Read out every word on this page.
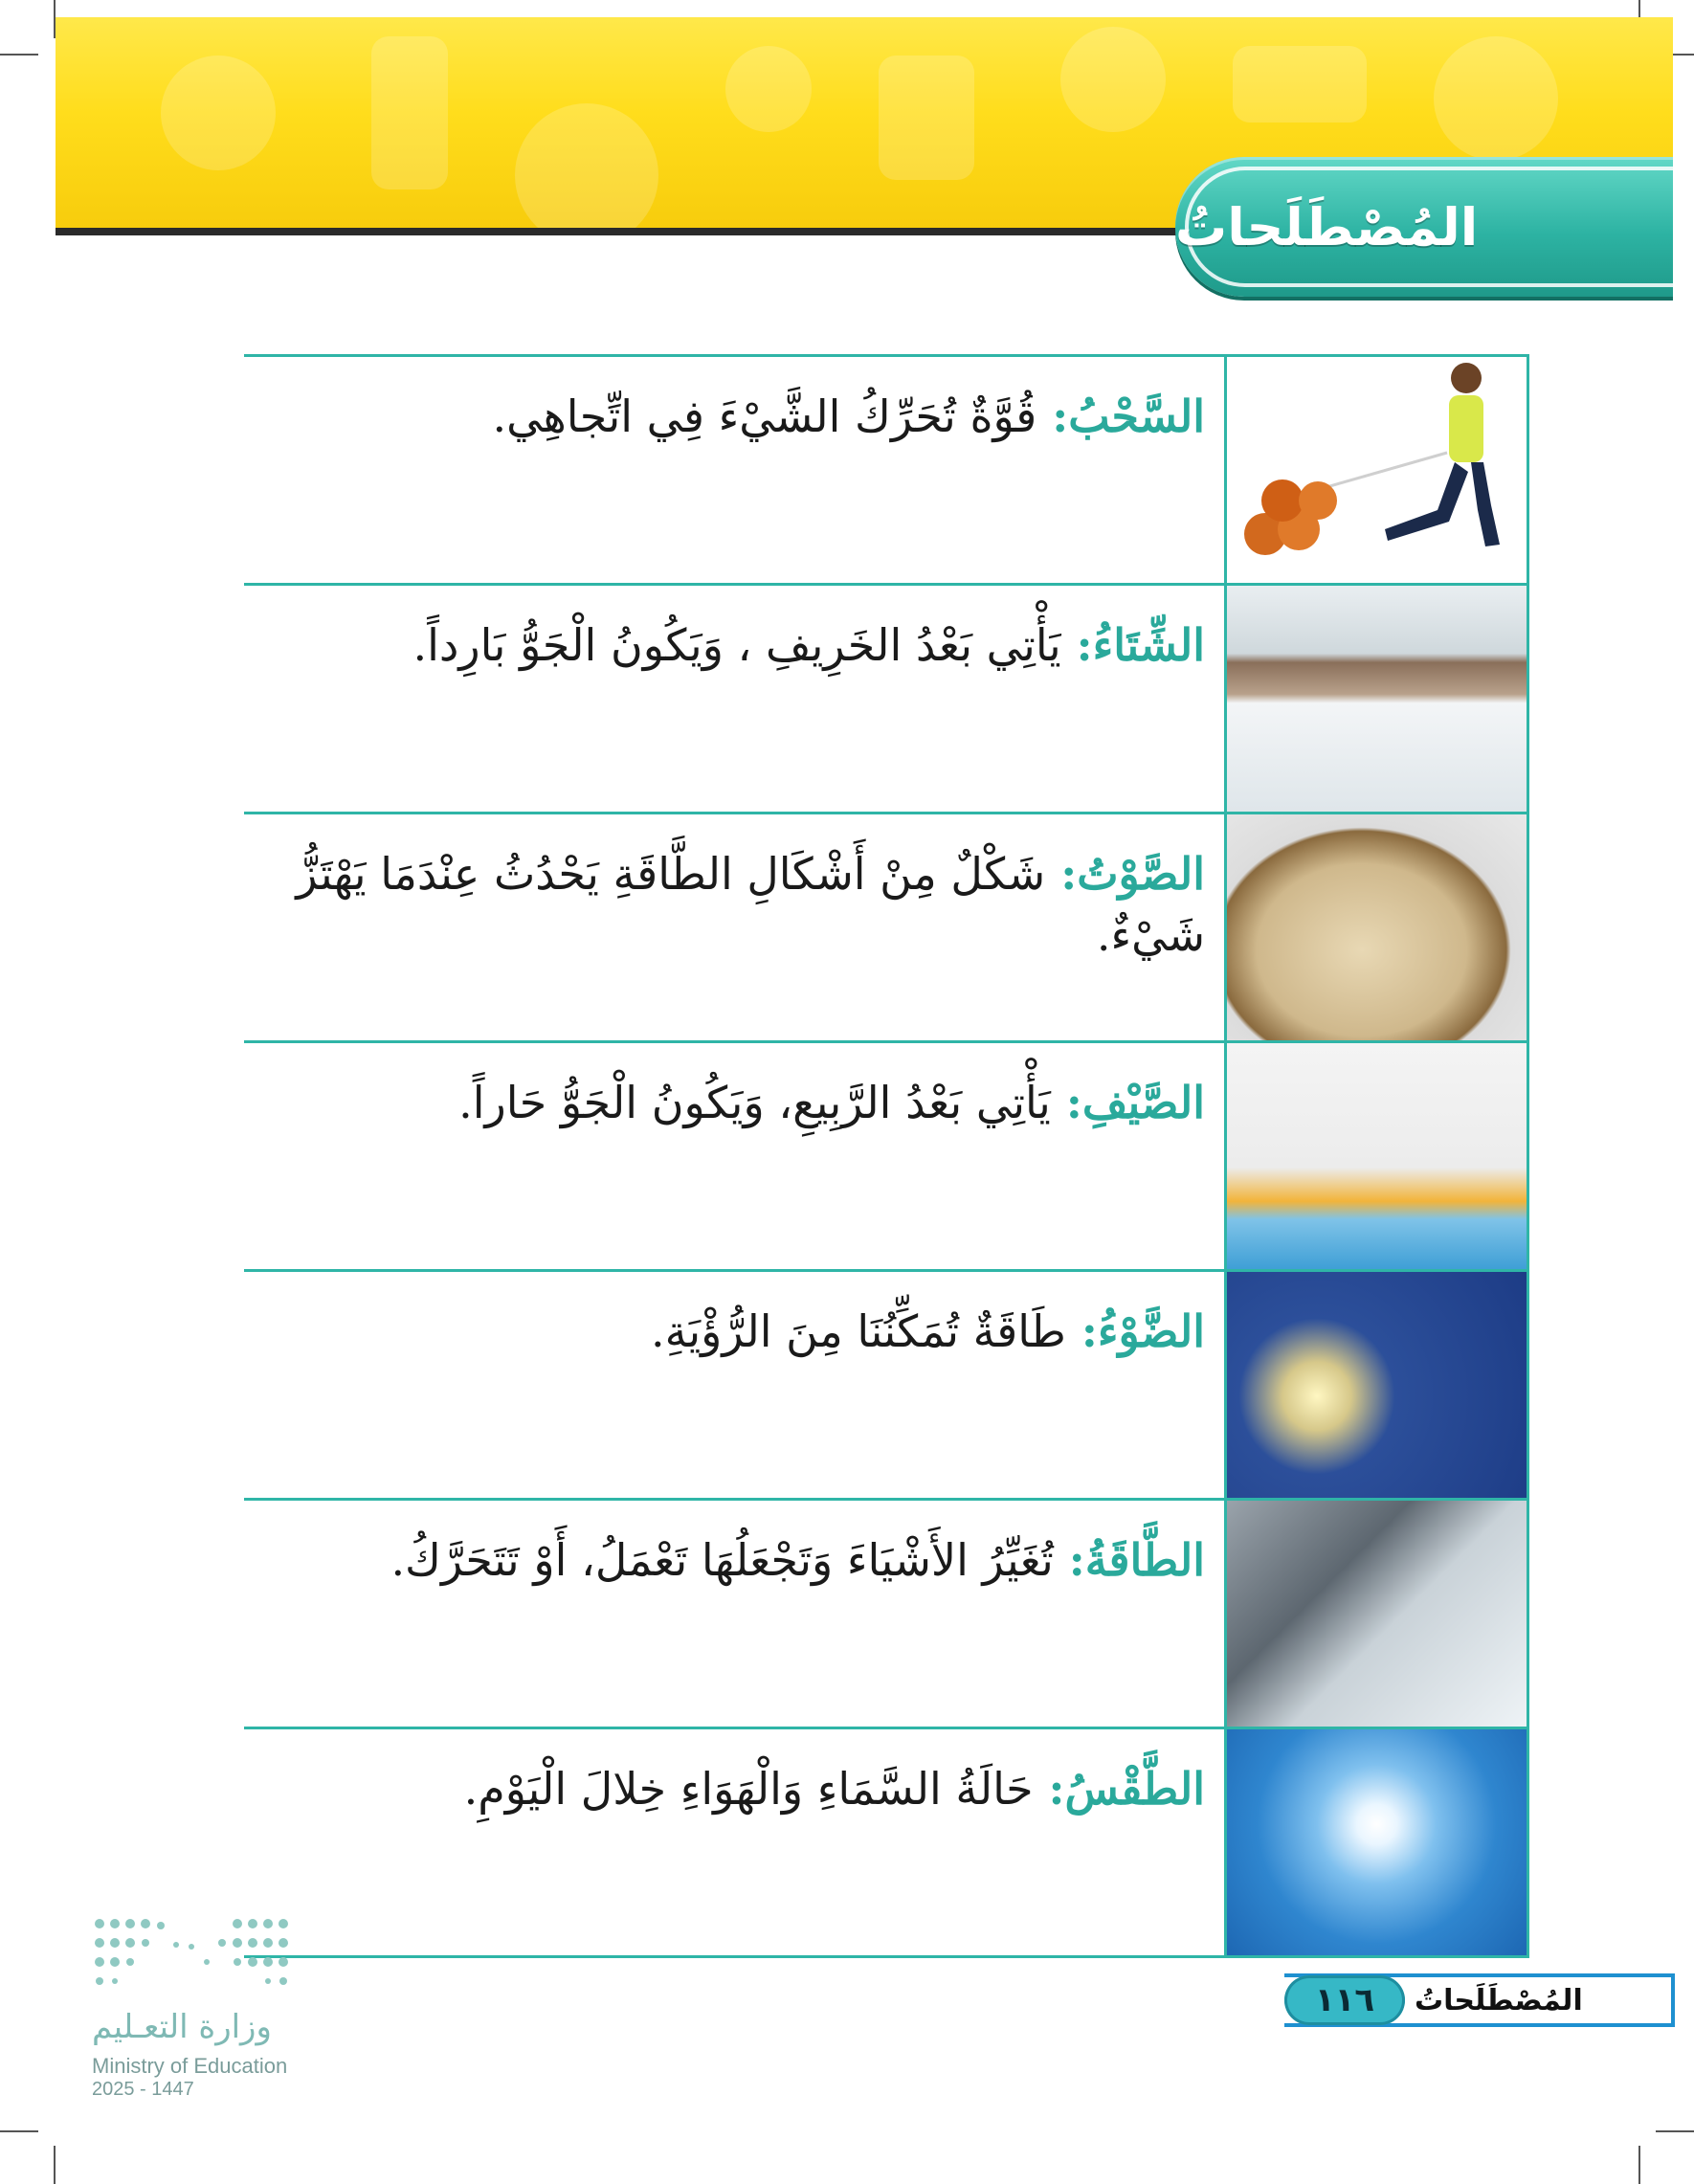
المُصْطَلَحاتُ
السَّحْبُ: قُوَّةٌ تُحَرِّكُ الشَّيْءَ فِي اتِّجاهِي.
الشِّتَاءُ: يَأْتِي بَعْدُ الخَرِيفِ ، وَيَكُونُ الْجَوُّ بَارِداً.
الصَّوْتُ: شَكْلٌ مِنْ أَشْكَالِ الطَّاقَةِ يَحْدُثُ عِنْدَمَا يَهْتَزُّ شَيْءٌ.
الصَّيْفِ: يَأْتِي بَعْدُ الرَّبِيعِ، وَيَكُونُ الْجَوُّ حَاراً.
الضَّوْءُ: طَاقَةٌ تُمَكِّنُنَا مِنَ الرُّؤْيَةِ.
الطَّاقَةُ: تُغَيِّرُ الأَشْيَاءَ وَتَجْعَلُهَا تَعْمَلُ، أَوْ تَتَحَرَّكُ.
الطَّقْسُ: حَالَةُ السَّمَاءِ وَالْهَوَاءِ خِلالَ الْيَوْمِ.
وزارة التعـليم
Ministry of Education
2025 - 1447
المُصْطَلَحاتُ
١١٦
